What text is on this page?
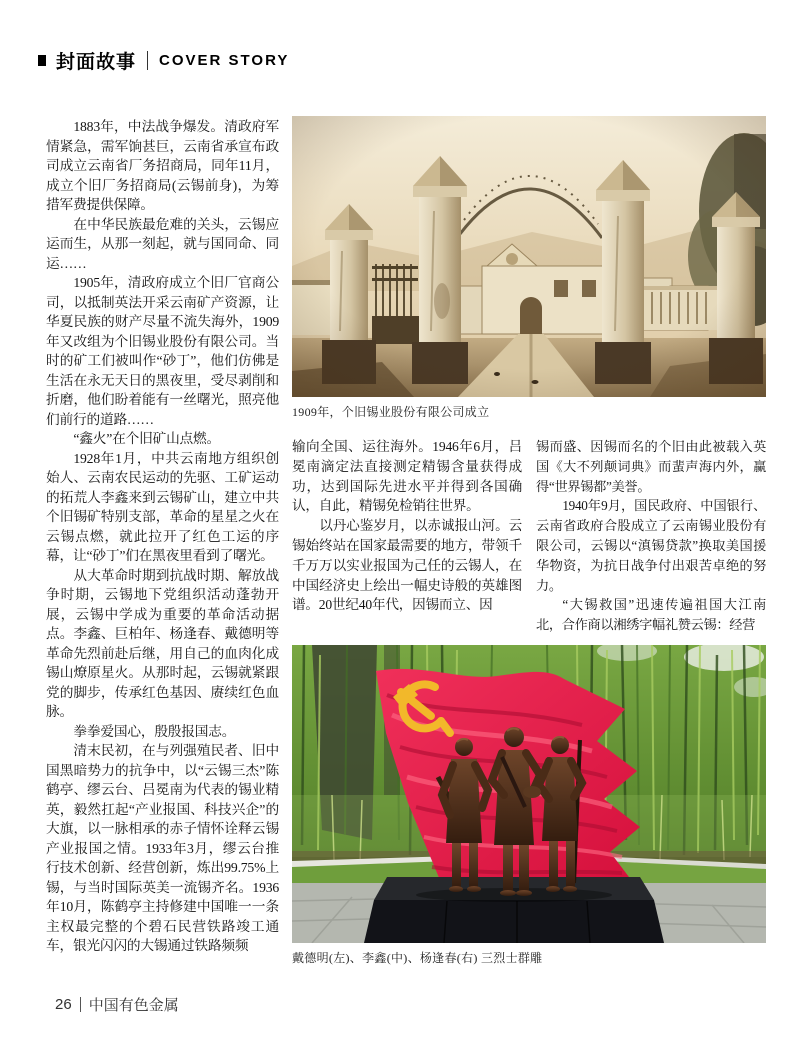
封面故事 COVER STORY

1883年，中法战争爆发。清政府军情紧急，需军饷甚巨，云南省承宣布政司成立云南省厂务招商局，同年11月，成立个旧厂务招商局(云锡前身)，为筹措军费提供保障。

在中华民族最危难的关头，云锡应运而生，从那一刻起，就与国同命、同运……

1905年，清政府成立个旧厂官商公司，以抵制英法开采云南矿产资源，让华夏民族的财产尽量不流失海外，1909年又改组为个旧锡业股份有限公司。当时的矿工们被叫作“砂丁”，他们仿佛是生活在永无天日的黑夜里，受尽剥削和折磨，他们盼着能有一丝曙光，照亮他们前行的道路……

“鑫火”在个旧矿山点燃。

1928年1月，中共云南地方组织创始人、云南农民运动的先驱、工矿运动的拓荒人李鑫来到云锡矿山，建立中共个旧锡矿特别支部，革命的星星之火在云锡点燃，就此拉开了红色工运的序幕，让“砂丁”们在黑夜里看到了曙光。

从大革命时期到抗战时期、解放战争时期，云锡地下党组织活动蓬勃开展，云锡中学成为重要的革命活动据点。李鑫、巨柏年、杨逢春、戴德明等革命先烈前赴后继，用自己的血肉化成锡山燎原星火。从那时起，云锡就紧跟党的脚步，传承红色基因、赓续红色血脉。

拳拳爱国心，殷殷报国志。

清末民初，在与列强殖民者、旧中国黑暗势力的抗争中，以“云锡三杰”陈鹤亭、缪云台、吕冕南为代表的锡业精英，毅然扛起“产业报国、科技兴企”的大旗，以一脉相承的赤子情怀诠释云锡产业报国之情。1933年3月，缪云台推行技术创新、经营创新，炼出99.75%上锡，与当时国际英美一流锡齐名。1936年10月，陈鹤亭主持修建中国唯一一条主权最完整的个碧石民营铁路竣工通车，银光闪闪的大锡通过铁路频频

1909年，个旧锡业股份有限公司成立

输向全国、运往海外。1946年6月，吕冕南滴定法直接测定精锡含量获得成功，达到国际先进水平并得到各国确认，自此，精锡免检销往世界。

以丹心鉴岁月，以赤诚报山河。云锡始终站在国家最需要的地方，带领千千万万以实业报国为己任的云锡人，在中国经济史上绘出一幅史诗般的英雄图谱。20世纪40年代，因锡而立、因

锡而盛、因锡而名的个旧由此被载入英国《大不列颠词典》而蜚声海内外，赢得“世界锡都”美誉。

1940年9月，国民政府、中国银行、云南省政府合股成立了云南锡业股份有限公司，云锡以“滇锡贷款”换取美国援华物资，为抗日战争付出艰苦卓绝的努力。

“大锡救国”迅速传遍祖国大江南北，合作商以湘绣字幅礼赞云锡：经营

戴德明(左)、李鑫(中)、杨逢春(右) 三烈士群雕
26 中国有色金属
